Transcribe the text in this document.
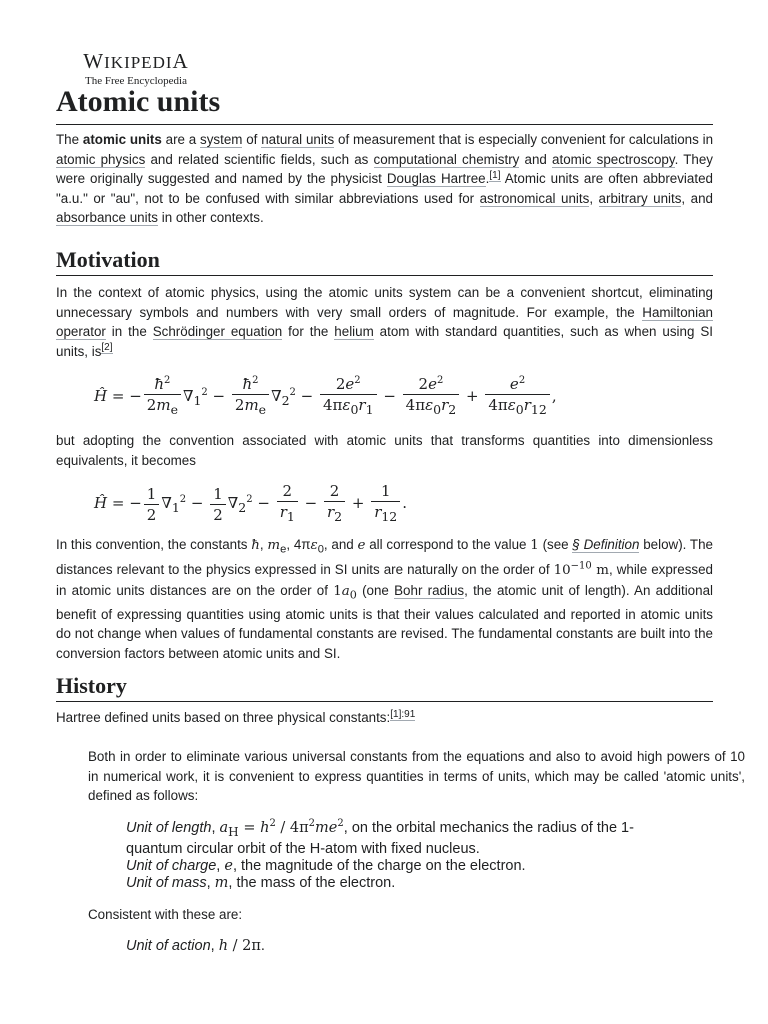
WIKIPEDIA
The Free Encyclopedia
Atomic units

The atomic units are a system of natural units of measurement that is especially convenient for calculations in atomic physics and related scientific fields, such as computational chemistry and atomic spectroscopy. They were originally suggested and named by the physicist Douglas Hartree.[1] Atomic units are often abbreviated "a.u." or "au", not to be confused with similar abbreviations used for astronomical units, arbitrary units, and absorbance units in other contexts.

Motivation

In the context of atomic physics, using the atomic units system can be a convenient shortcut, eliminating unnecessary symbols and numbers with very small orders of magnitude. For example, the Hamiltonian operator in the Schrödinger equation for the helium atom with standard quantities, such as when using SI units, is[2]

Ĥ = − $\frac{ħ^2}{2m_e} \nabla_1^2 - \frac{ħ^2}{2m_e} \nabla_2^2 - \frac{2e^2}{4\pi\varepsilon_0r_1} - \frac{2e^2}{4\pi\varepsilon_0r_2} + \frac{e^2}{4\pi\varepsilon_0r_{12}}$ ,

but adopting the convention associated with atomic units that transforms quantities into dimensionless equivalents, it becomes

Ĥ = − $\frac{1}{2} \nabla_1^2 - \frac{1}{2} \nabla_2^2 - \frac{2}{r_1} - \frac{2}{r_2} + \frac{1}{r_{12}}$ .

In this convention, the constants ħ, $m_e$, $4\pi\varepsilon_0$, and e all correspond to the value 1 (see § Definition below). The distances relevant to the physics expressed in SI units are naturally on the order of $10^{-10}$ m, while expressed in atomic units distances are on the order of $1a_0$ (one Bohr radius, the atomic unit of length). An additional benefit of expressing quantities using atomic units is that their values calculated and reported in atomic units do not change when values of fundamental constants are revised. The fundamental constants are built into the conversion factors between atomic units and SI.

History

Hartree defined units based on three physical constants:$^{[1]:91}$

Both in order to eliminate various universal constants from the equations and also to avoid high powers of 10 in numerical work, it is convenient to express quantities in terms of units, which may be called 'atomic units', defined as follows:

Unit of length, $a_H = h^2 / 4\pi^2me^2$, on the orbital mechanics the radius of the 1-quantum circular orbit of the H-atom with fixed nucleus.
Unit of charge, e, the magnitude of the charge on the electron.
Unit of mass, m, the mass of the electron.

Consistent with these are:

Unit of action, h / 2π.
